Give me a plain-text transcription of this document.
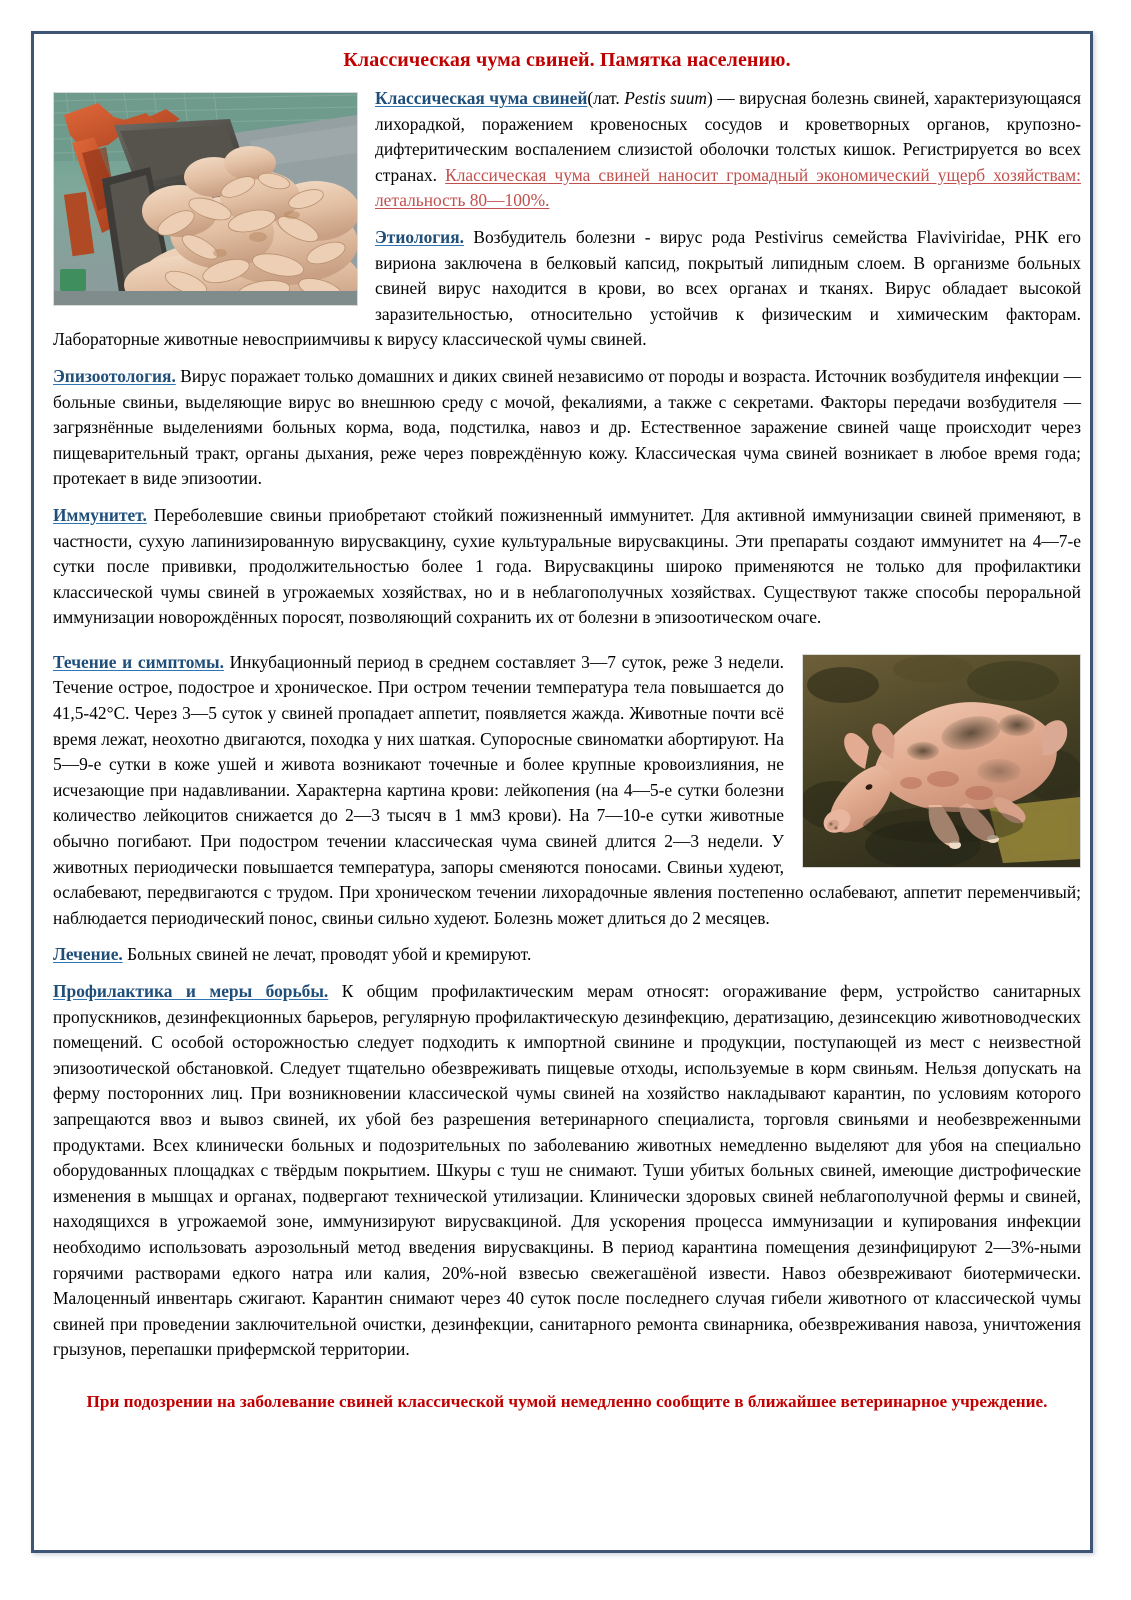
Классическая чума свиней. Памятка населению.

Классическая чума свиней(лат. Pestis suum) — вирусная болезнь свиней, характеризующаяся лихорадкой, поражением кровеносных сосудов и кроветворных органов, крупозно-дифтеритическим воспалением слизистой оболочки толстых кишок. Регистрируется во всех странах. Классическая чума свиней наносит громадный экономический ущерб хозяйствам: летальность 80—100%.

Этиология. Возбудитель болезни - вирус рода Pestivirus семейства Flaviviridae, РНК его вириона заключена в белковый капсид, покрытый липидным слоем. В организме больных свиней вирус находится в крови, во всех органах и тканях. Вирус обладает высокой заразительностью, относительно устойчив к физическим и химическим факторам. Лабораторные животные невосприимчивы к вирусу классической чумы свиней.

Эпизоотология. Вирус поражает только домашних и диких свиней независимо от породы и возраста. Источник возбудителя инфекции — больные свиньи, выделяющие вирус во внешнюю среду с мочой, фекалиями, а также с секретами. Факторы передачи возбудителя — загрязнённые выделениями больных корма, вода, подстилка, навоз и др. Естественное заражение свиней чаще происходит через пищеварительный тракт, органы дыхания, реже через повреждённую кожу. Классическая чума свиней возникает в любое время года; протекает в виде эпизоотии.

Иммунитет. Переболевшие свиньи приобретают стойкий пожизненный иммунитет. Для активной иммунизации свиней применяют, в частности, сухую лапинизированную вирусвакцину, сухие культуральные вирусвакцины. Эти препараты создают иммунитет на 4—7-е сутки после прививки, продолжительностью более 1 года. Вирусвакцины широко применяются не только для профилактики классической чумы свиней в угрожаемых хозяйствах, но и в неблагополучных хозяйствах. Существуют также способы пероральной иммунизации новорождённых поросят, позволяющий сохранить их от болезни в эпизоотическом очаге.

Течение и симптомы. Инкубационный период в среднем составляет 3—7 суток, реже 3 недели. Течение острое, подострое и хроническое. При остром течении температура тела повышается до 41,5-42°С. Через 3—5 суток у свиней пропадает аппетит, появляется жажда. Животные почти всё время лежат, неохотно двигаются, походка у них шаткая. Супоросные свиноматки абортируют. На 5—9-е сутки в коже ушей и живота возникают точечные и более крупные кровоизлияния, не исчезающие при надавливании. Характерна картина крови: лейкопения (на 4—5-е сутки болезни количество лейкоцитов снижается до 2—3 тысяч в 1 мм3 крови). На 7—10-е сутки животные обычно погибают. При подостром течении классическая чума свиней длится 2—3 недели. У животных периодически повышается температура, запоры сменяются поносами. Свиньи худеют, ослабевают, передвигаются с трудом. При хроническом течении лихорадочные явления постепенно ослабевают, аппетит переменчивый; наблюдается периодический понос, свиньи сильно худеют. Болезнь может длиться до 2 месяцев.

Лечение. Больных свиней не лечат, проводят убой и кремируют.

Профилактика и меры борьбы. К общим профилактическим мерам относят: огораживание ферм, устройство санитарных пропускников, дезинфекционных барьеров, регулярную профилактическую дезинфекцию, дератизацию, дезинсекцию животноводческих помещений. С особой осторожностью следует подходить к импортной свинине и продукции, поступающей из мест с неизвестной эпизоотической обстановкой. Следует тщательно обезвреживать пищевые отходы, используемые в корм свиньям. Нельзя допускать на ферму посторонних лиц. При возникновении классической чумы свиней на хозяйство накладывают карантин, по условиям которого запрещаются ввоз и вывоз свиней, их убой без разрешения ветеринарного специалиста, торговля свиньями и необезвреженными продуктами. Всех клинически больных и подозрительных по заболеванию животных немедленно выделяют для убоя на специально оборудованных площадках с твёрдым покрытием. Шкуры с туш не снимают. Туши убитых больных свиней, имеющие дистрофические изменения в мышцах и органах, подвергают технической утилизации. Клинически здоровых свиней неблагополучной фермы и свиней, находящихся в угрожаемой зоне, иммунизируют вирусвакциной. Для ускорения процесса иммунизации и купирования инфекции необходимо использовать аэрозольный метод введения вирусвакцины. В период карантина помещения дезинфицируют 2—3%-ными горячими растворами едкого натра или калия, 20%-ной взвесью свежегашёной извести. Навоз обезвреживают биотермически. Малоценный инвентарь сжигают. Карантин снимают через 40 суток после последнего случая гибели животного от классической чумы свиней при проведении заключительной очистки, дезинфекции, санитарного ремонта свинарника, обезвреживания навоза, уничтожения грызунов, перепашки прифермской территории.

При подозрении на заболевание свиней классической чумой немедленно сообщите в ближайшее ветеринарное учреждение.
